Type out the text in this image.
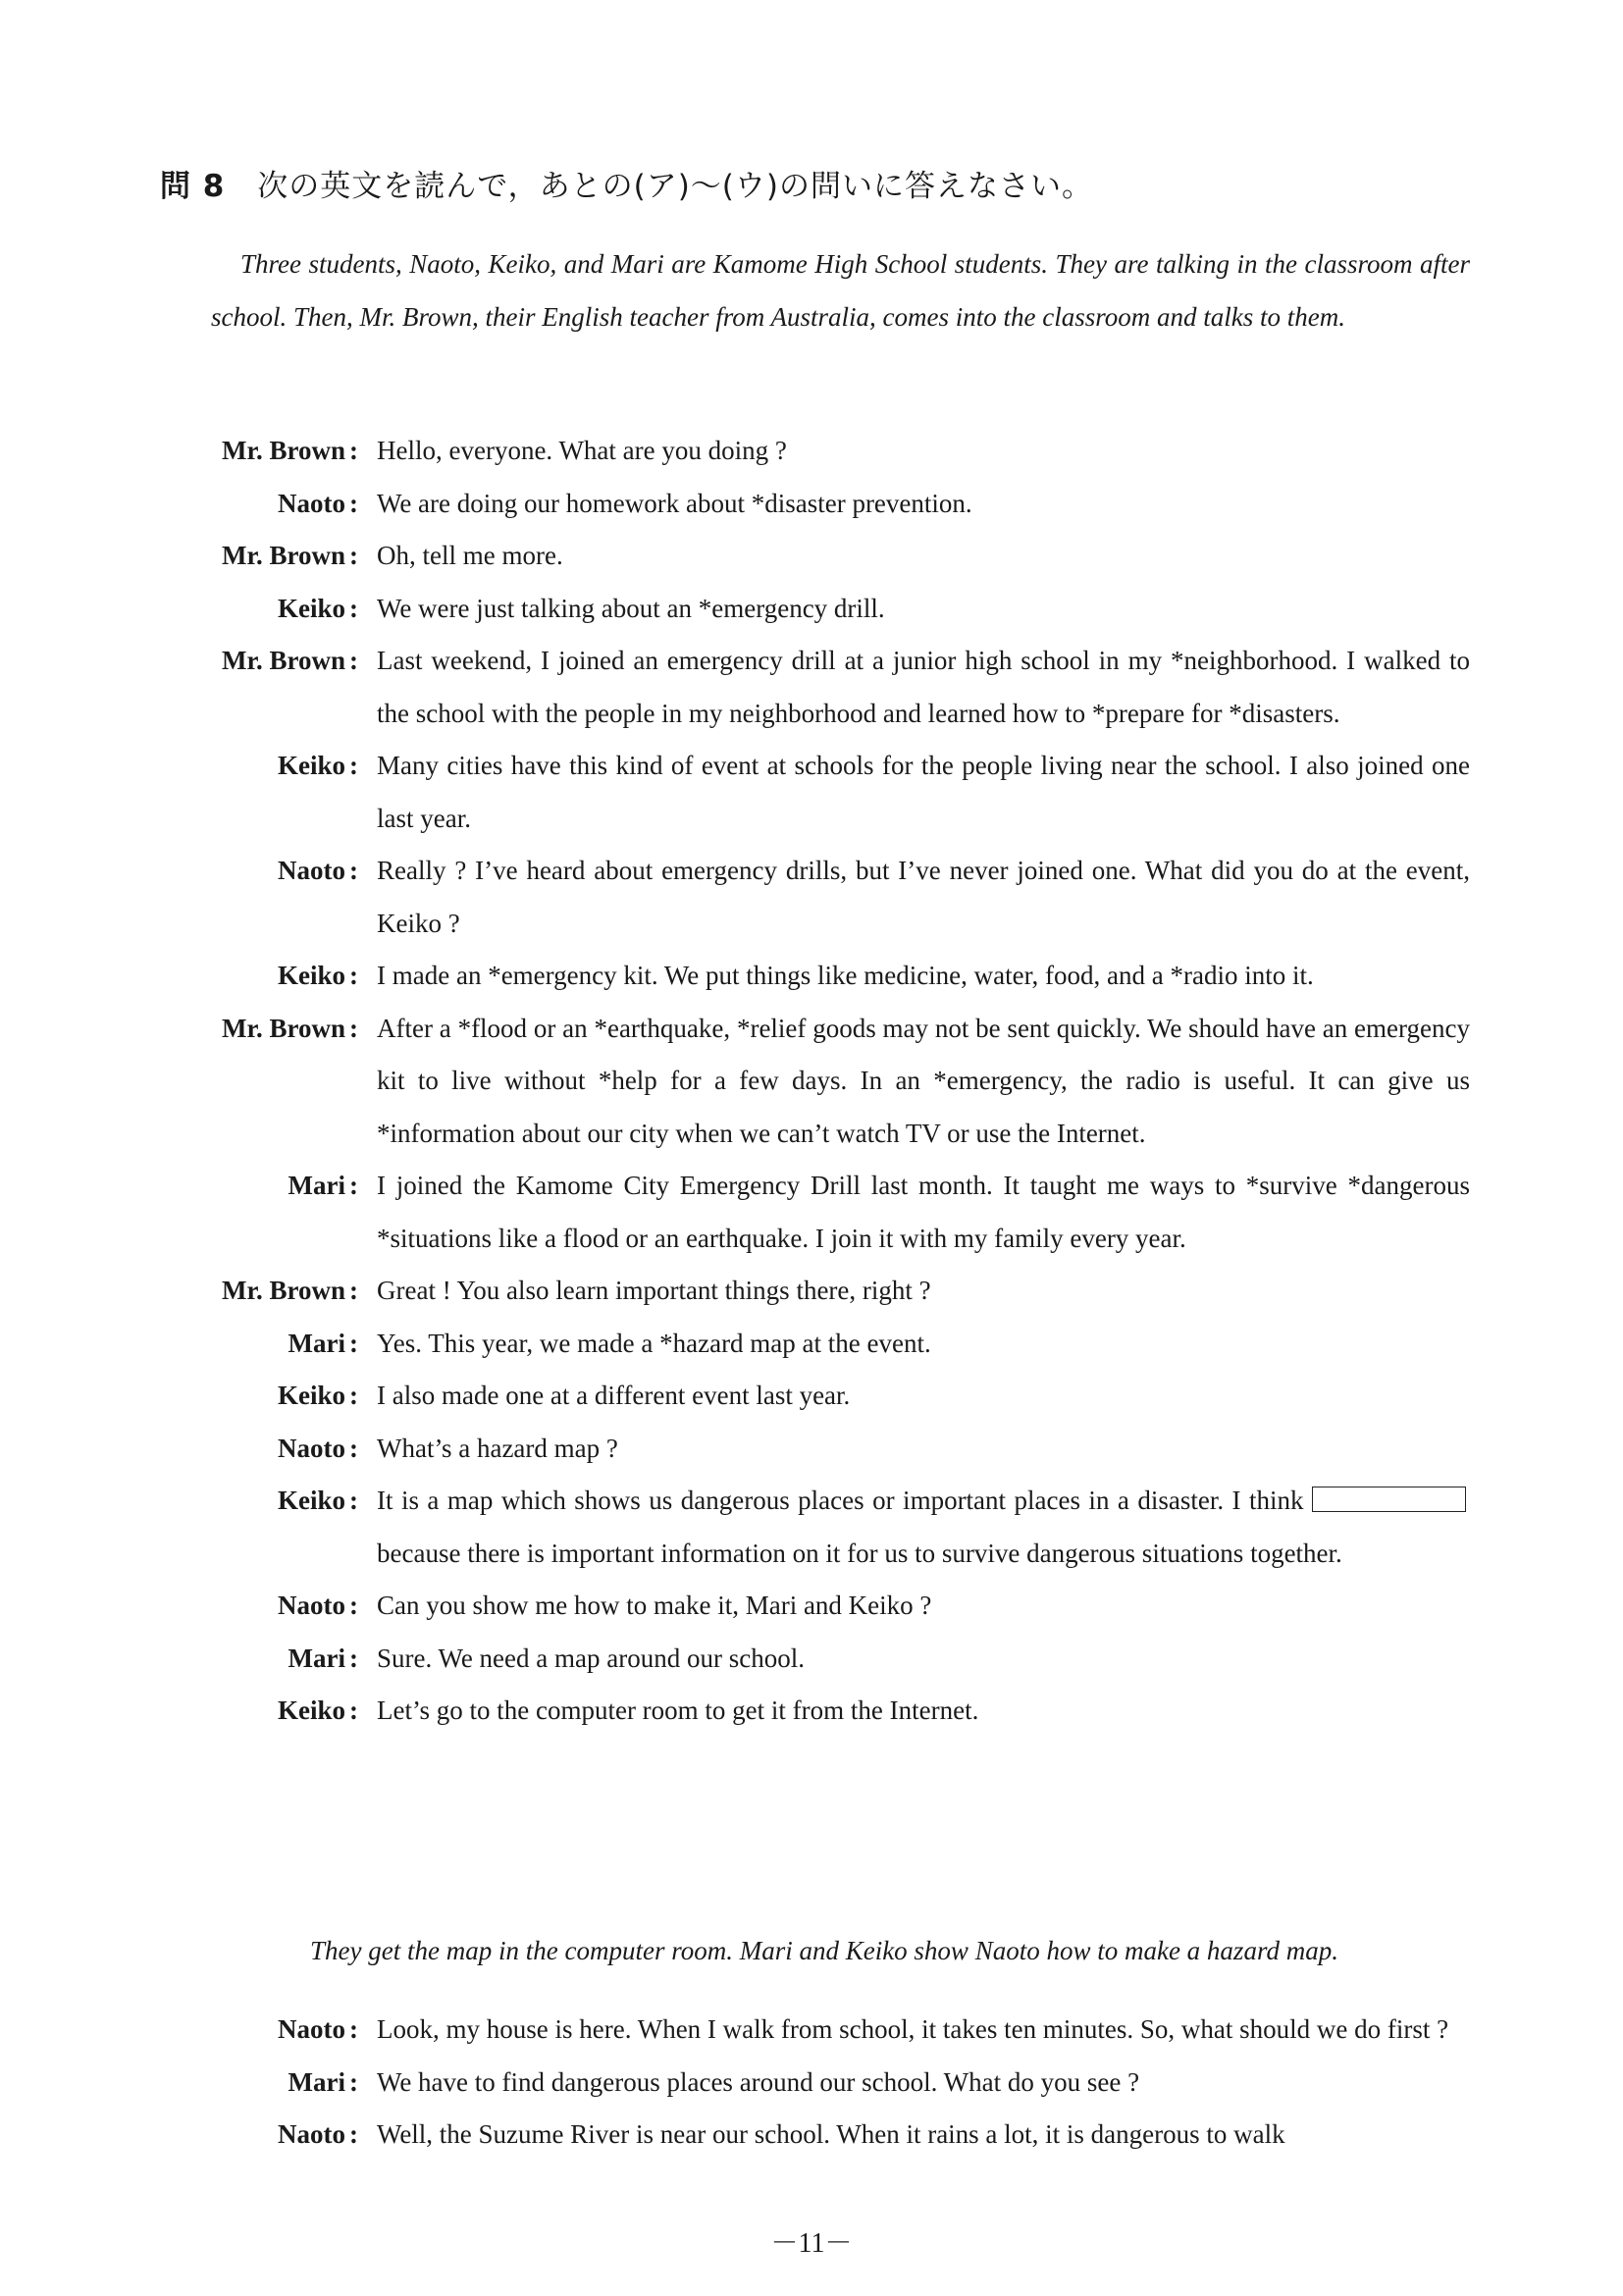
問 8 次の英文を読んで，あとの(ア)〜(ウ)の問いに答えなさい。

Three students, Naoto, Keiko, and Mari are Kamome High School students. They are talking in the classroom after school. Then, Mr. Brown, their English teacher from Australia, comes into the classroom and talks to them.

Mr. Brown : Hello, everyone. What are you doing ?
Naoto : We are doing our homework about *disaster prevention.
Mr. Brown : Oh, tell me more.
Keiko : We were just talking about an *emergency drill.
Mr. Brown : Last weekend, I joined an emergency drill at a junior high school in my *neighborhood. I walked to the school with the people in my neighborhood and learned how to *prepare for *disasters.
Keiko : Many cities have this kind of event at schools for the people living near the school. I also joined one last year.
Naoto : Really ? I’ve heard about emergency drills, but I’ve never joined one. What did you do at the event, Keiko ?
Keiko : I made an *emergency kit. We put things like medicine, water, food, and a *radio into it.
Mr. Brown : After a *flood or an *earthquake, *relief goods may not be sent quickly. We should have an emergency kit to live without *help for a few days. In an *emergency, the radio is useful. It can give us *information about our city when we can’t watch TV or use the Internet.
Mari : I joined the Kamome City Emergency Drill last month. It taught me ways to *survive *dangerous *situations like a flood or an earthquake. I join it with my family every year.
Mr. Brown : Great ! You also learn important things there, right ?
Mari : Yes. This year, we made a *hazard map at the event.
Keiko : I also made one at a different event last year.
Naoto : What’s a hazard map ?
Keiko : It is a map which shows us dangerous places or important places in a disaster. I think because there is important information on it for us to survive dangerous situations together.
Naoto : Can you show me how to make it, Mari and Keiko ?
Mari : Sure. We need a map around our school.
Keiko : Let’s go to the computer room to get it from the Internet.

They get the map in the computer room. Mari and Keiko show Naoto how to make a hazard map.

Naoto : Look, my house is here. When I walk from school, it takes ten minutes. So, what should we do first ?
Mari : We have to find dangerous places around our school. What do you see ?
Naoto : Well, the Suzume River is near our school. When it rains a lot, it is dangerous to walk
－11－
